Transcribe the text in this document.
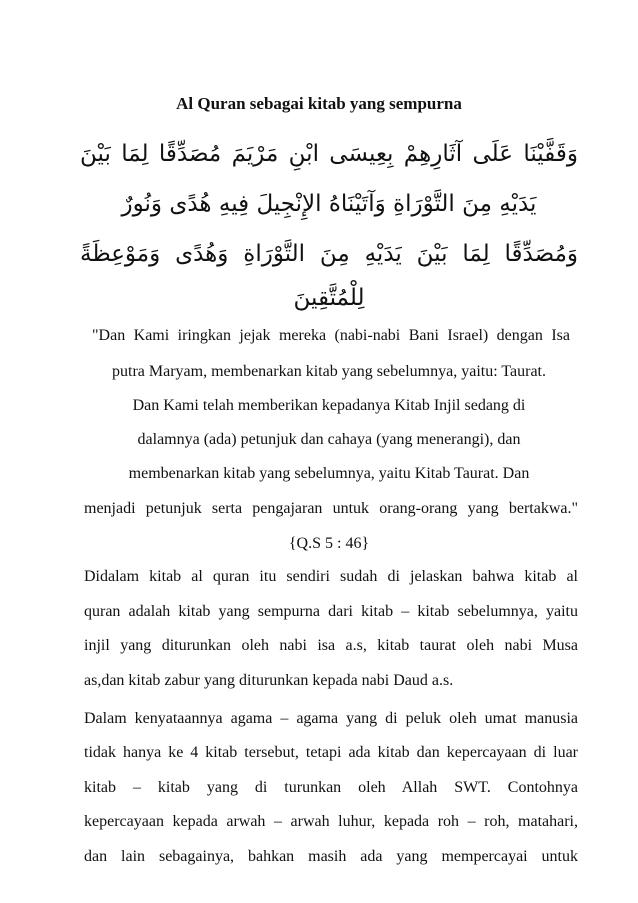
Al Quran sebagai kitab yang sempurna
وَقَفَّيْنَا عَلَى آثَارِهِمْ بِعِيسَى ابْنِ مَرْيَمَ مُصَدِّقًا لِمَا بَيْنَ
يَدَيْهِ مِنَ التَّوْرَاةِ وَآتَيْنَاهُ الإِنْجِيلَ فِيهِ هُدًى وَنُورٌ
وَمُصَدِّقًا لِمَا بَيْنَ يَدَيْهِ مِنَ التَّوْرَاةِ وَهُدًى وَمَوْعِظَةً
لِلْمُتَّقِينَ
"Dan Kami iringkan jejak mereka (nabi-nabi Bani Israel) dengan Isa
putra Maryam, membenarkan kitab yang sebelumnya, yaitu: Taurat.
Dan Kami telah memberikan kepadanya Kitab Injil sedang di
dalamnya (ada) petunjuk dan cahaya (yang menerangi), dan
membenarkan kitab yang sebelumnya, yaitu Kitab Taurat. Dan
menjadi petunjuk serta pengajaran untuk orang-orang yang bertakwa."
{Q.S 5 : 46}
Didalam kitab al quran itu sendiri sudah di jelaskan bahwa kitab al
quran adalah kitab yang sempurna dari kitab – kitab sebelumnya, yaitu
injil yang diturunkan oleh nabi isa a.s, kitab taurat oleh nabi Musa
as,dan kitab zabur yang diturunkan kepada nabi Daud a.s.
Dalam kenyataannya agama – agama yang di peluk oleh umat manusia
tidak hanya ke 4 kitab tersebut, tetapi ada kitab dan kepercayaan di luar
kitab – kitab yang di turunkan oleh Allah SWT. Contohnya
kepercayaan kepada arwah – arwah luhur, kepada roh – roh, matahari,
dan lain sebagainya, bahkan masih ada yang mempercayai untuk
